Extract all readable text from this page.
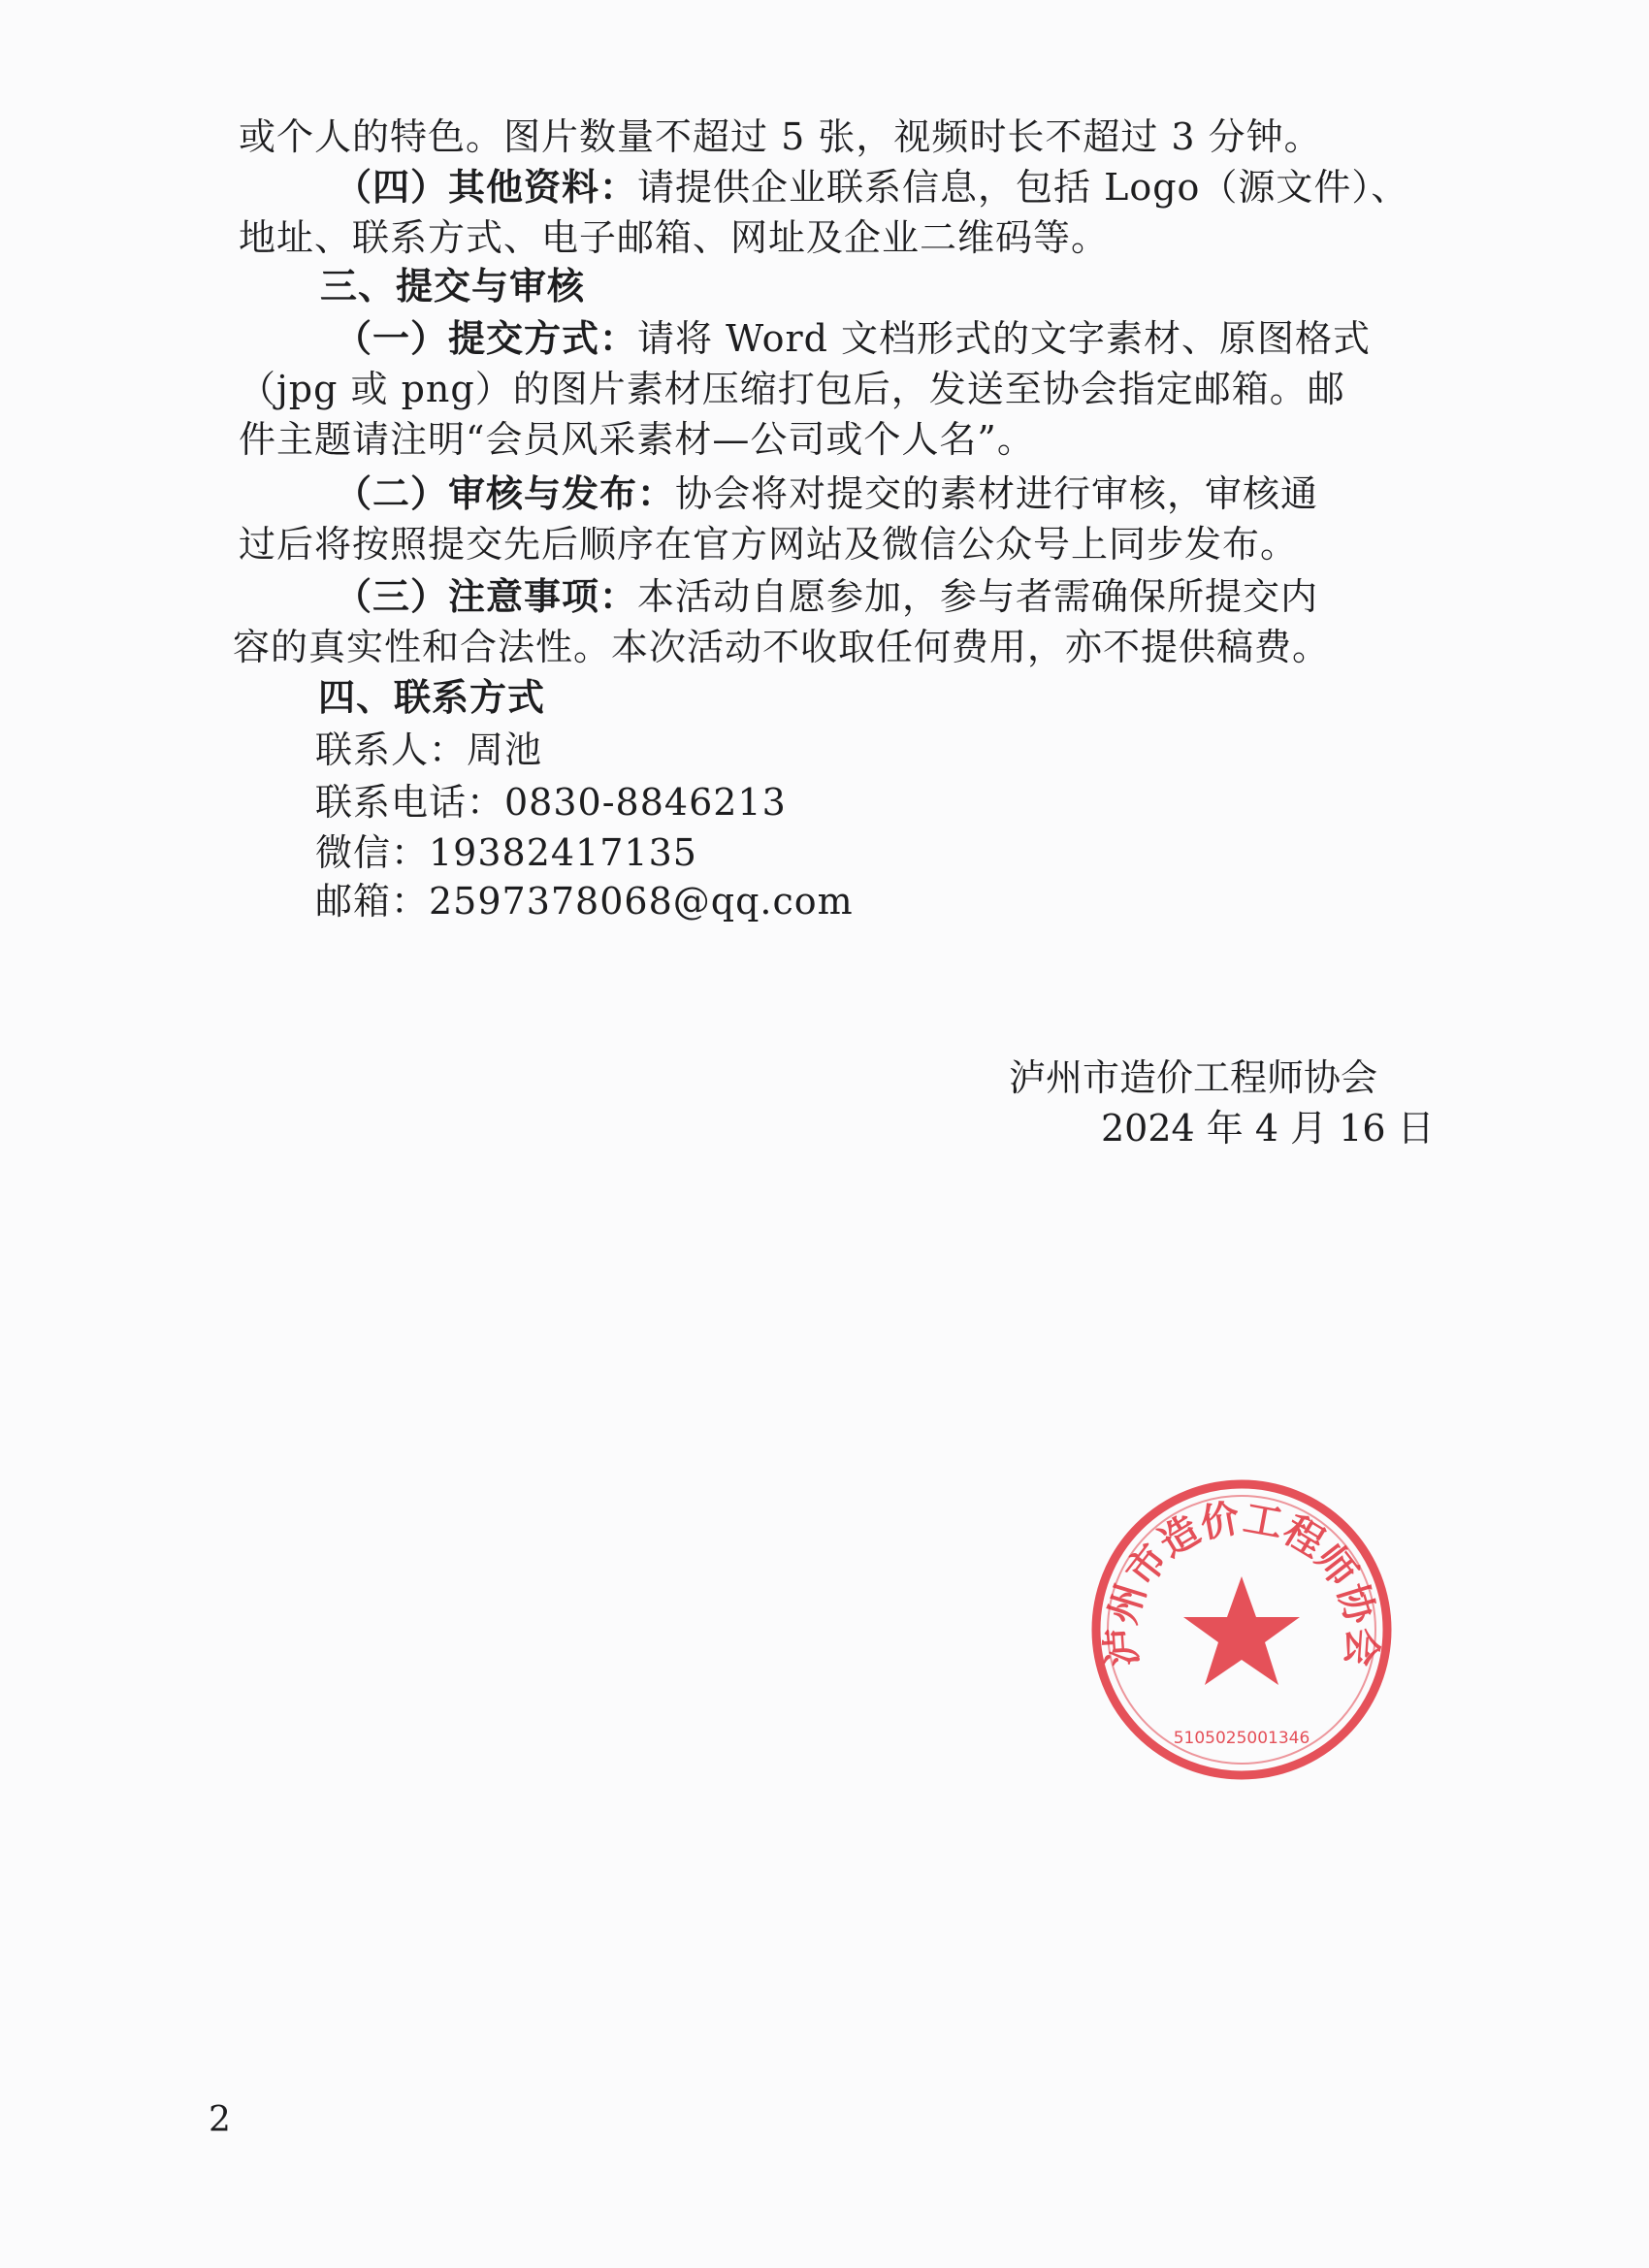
或个人的特色。图片数量不超过 5 张，视频时长不超过 3 分钟。
（四）其他资料：请提供企业联系信息，包括 Logo（源文件）、
地址、联系方式、电子邮箱、网址及企业二维码等。
三、提交与审核
（一）提交方式：请将 Word 文档形式的文字素材、原图格式
（jpg 或 png）的图片素材压缩打包后，发送至协会指定邮箱。邮
件主题请注明“会员风采素材—公司或个人名”。
（二）审核与发布：协会将对提交的素材进行审核，审核通
过后将按照提交先后顺序在官方网站及微信公众号上同步发布。
（三）注意事项：本活动自愿参加，参与者需确保所提交内
容的真实性和合法性。本次活动不收取任何费用，亦不提供稿费。
四、联系方式
联系人：周池
联系电话：0830-8846213
微信：19382417135
邮箱：2597378068@qq.com
泸州市造价工程师协会
5105025001346
泸州市造价工程师协会
2024 年 4 月 16 日
2
